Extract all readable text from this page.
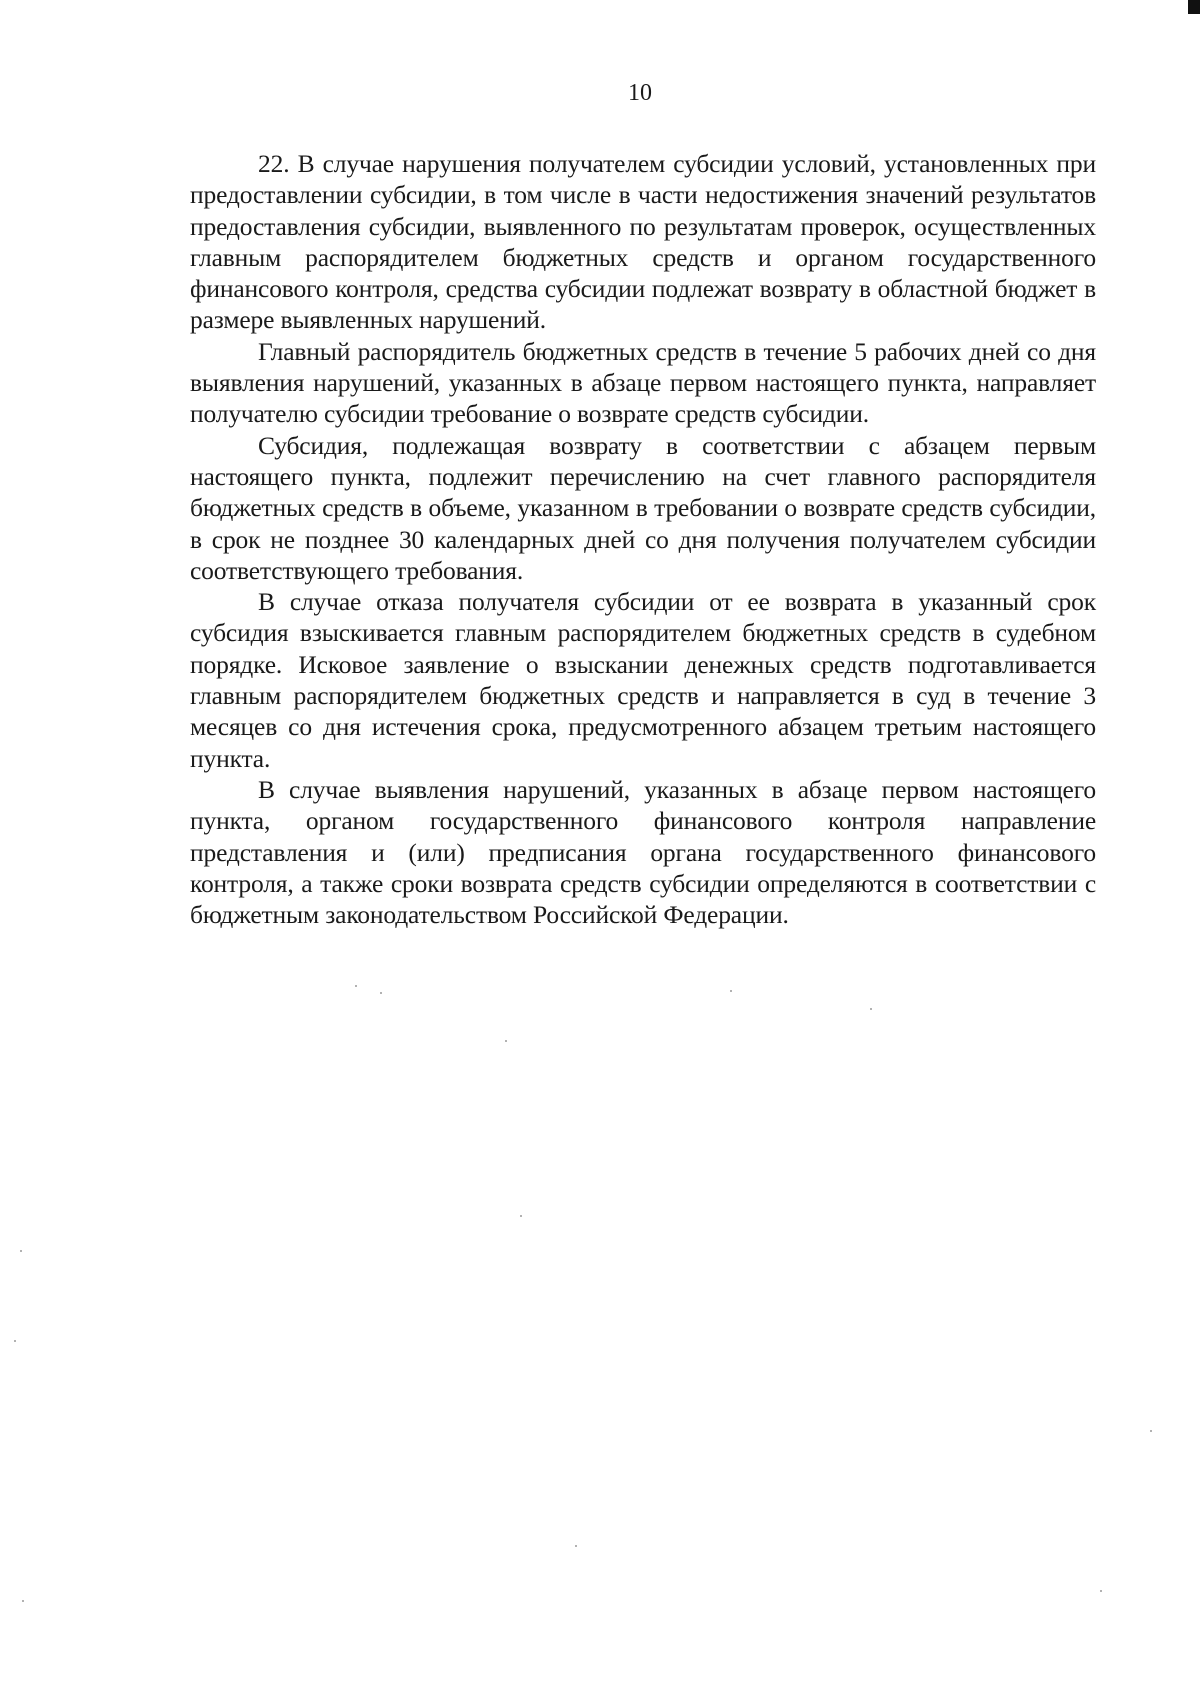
10

22. В случае нарушения получателем субсидии условий, установленных при предоставлении субсидии, в том числе в части недостижения значений результатов предоставления субсидии, выявленного по результатам проверок, осуществленных главным распорядителем бюджетных средств и органом государственного финансового контроля, средства субсидии подлежат возврату в областной бюджет в размере выявленных нарушений.

Главный распорядитель бюджетных средств в течение 5 рабочих дней со дня выявления нарушений, указанных в абзаце первом настоящего пункта, направляет получателю субсидии требование о возврате средств субсидии.

Субсидия, подлежащая возврату в соответствии с абзацем первым настоящего пункта, подлежит перечислению на счет главного распорядителя бюджетных средств в объеме, указанном в требовании о возврате средств субсидии, в срок не позднее 30 календарных дней со дня получения получателем субсидии соответствующего требования.

В случае отказа получателя субсидии от ее возврата в указанный срок субсидия взыскивается главным распорядителем бюджетных средств в судебном порядке. Исковое заявление о взыскании денежных средств подготавливается главным распорядителем бюджетных средств и направляется в суд в течение 3 месяцев со дня истечения срока, предусмотренного абзацем третьим настоящего пункта.

В случае выявления нарушений, указанных в абзаце первом настоящего пункта, органом государственного финансового контроля направление представления и (или) предписания органа государственного финансового контроля, а также сроки возврата средств субсидии определяются в соответствии с бюджетным законодательством Российской Федерации.
